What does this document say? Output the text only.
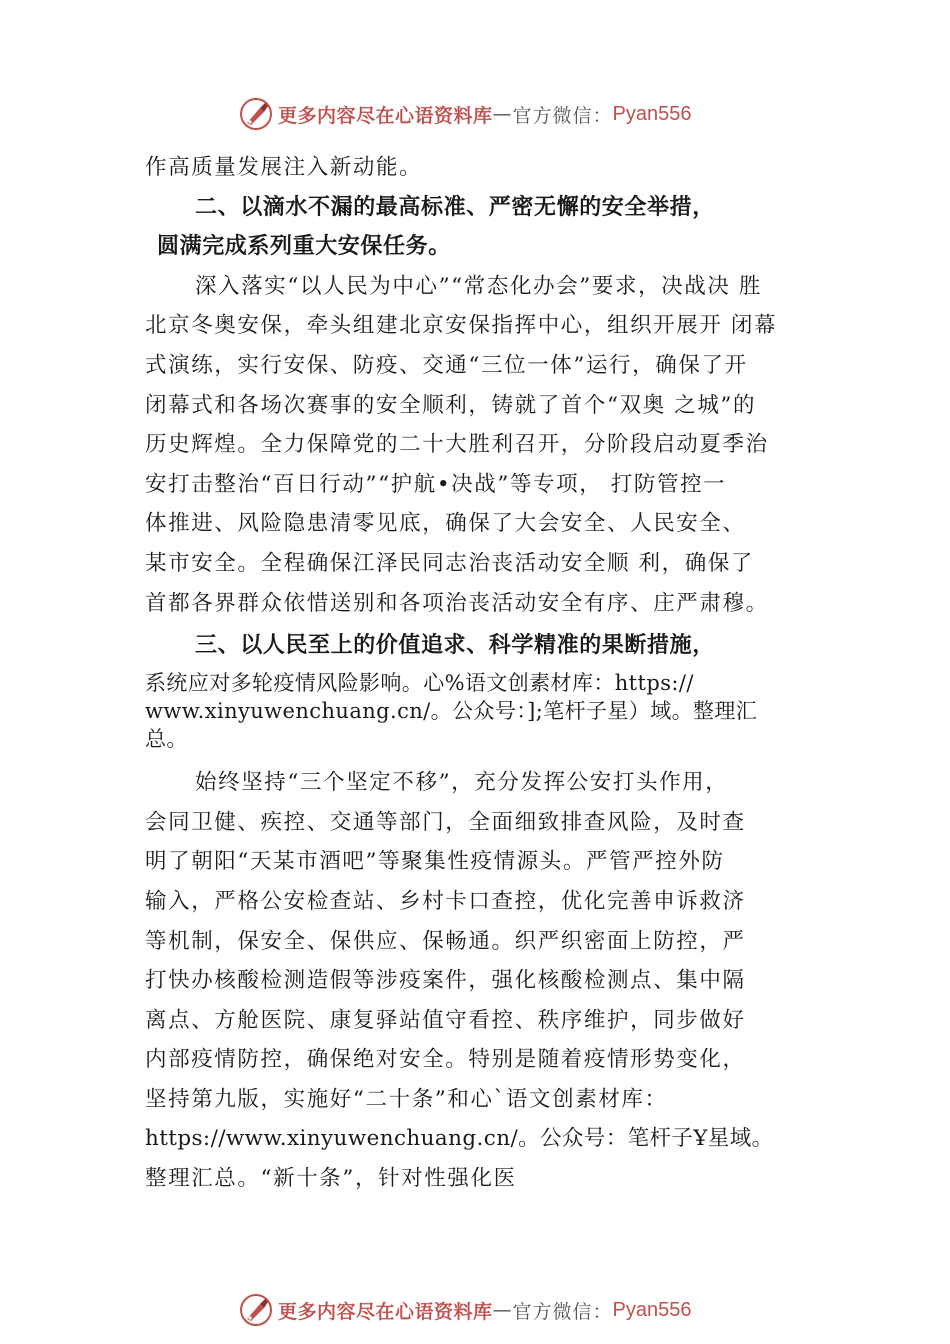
更多内容尽在心语资料库 — 官方微信： Pyan556
作高质量发展注入新动能。
二、以滴水不漏的最高标准、严密无懈的安全举措，
圆满完成系列重大安保任务。
深入落实“以人民为中心”“常态化办会”要求，决战决 胜
北京冬奥安保，牵头组建北京安保指挥中心，组织开展开 闭幕
式演练，实行安保、防疫、交通“三位一体”运行，确保了开
闭幕式和各场次赛事的安全顺利，铸就了首个“双奥 之城”的
历史辉煌。全力保障党的二十大胜利召开，分阶段启动夏季治
安打击整治“百日行动”“护航•决战”等专项， 打防管控一
体推进、风险隐患清零见底，确保了大会安全、人民安全、
某市安全。全程确保江泽民同志治丧活动安全顺 利，确保了
首都各界群众依惜送别和各项治丧活动安全有序、庄严肃穆。
三、以人民至上的价值追求、科学精准的果断措施，
系统应对多轮疫情风险影响。心%语文创素材库：https://
www.xinyuwenchuang.cn/。公众号：];笔杆子星）域。整理汇
总。
始终坚持“三个坚定不移”，充分发挥公安打头作用，
会同卫健、疾控、交通等部门，全面细致排查风险，及时查
明了朝阳“天某市酒吧”等聚集性疫情源头。严管严控外防
输入，严格公安检查站、乡村卡口查控，优化完善申诉救济
等机制，保安全、保供应、保畅通。织严织密面上防控，严
打快办核酸检测造假等涉疫案件，强化核酸检测点、集中隔
离点、方舱医院、康复驿站值守看控、秩序维护，同步做好
内部疫情防控，确保绝对安全。特别是随着疫情形势变化，
坚持第九版，实施好“二十条”和心`语文创素材库：
https://www.xinyuwenchuang.cn/。公众号：笔杆子Ұ星域。
整理汇总。“新十条”，针对性强化医
更多内容尽在心语资料库 — 官方微信： Pyan556
